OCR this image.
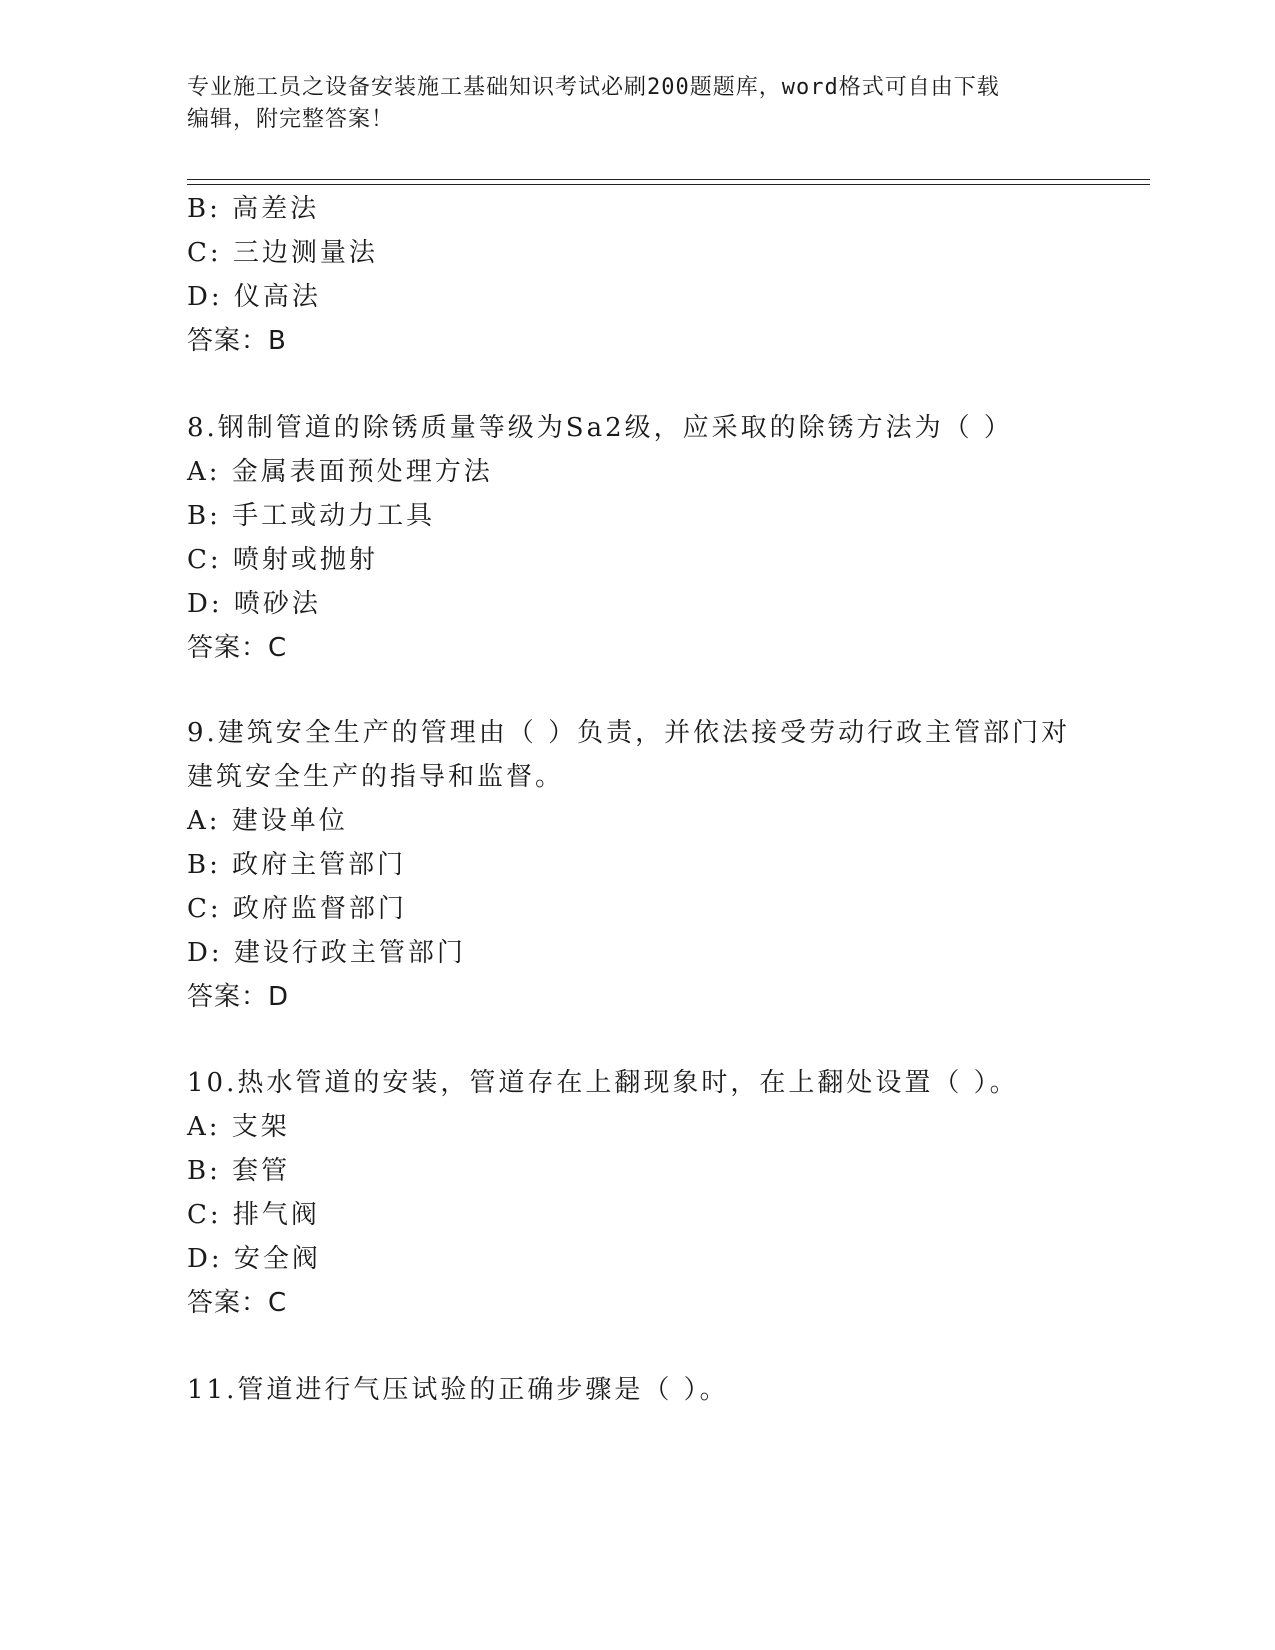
专业施工员之设备安装施工基础知识考试必刷200题题库，word格式可自由下载
编辑，附完整答案！
B: 高差法
C: 三边测量法
D: 仪高法
答案：B
8.钢制管道的除锈质量等级为Sa2级，应采取的除锈方法为（ ）
A: 金属表面预处理方法
B: 手工或动力工具
C: 喷射或抛射
D: 喷砂法
答案：C
9.建筑安全生产的管理由（ ）负责，并依法接受劳动行政主管部门对
建筑安全生产的指导和监督。
A: 建设单位
B: 政府主管部门
C: 政府监督部门
D: 建设行政主管部门
答案：D
10.热水管道的安装，管道存在上翻现象时，在上翻处设置（ ）。
A: 支架
B: 套管
C: 排气阀
D: 安全阀
答案：C
11.管道进行气压试验的正确步骤是（ ）。
